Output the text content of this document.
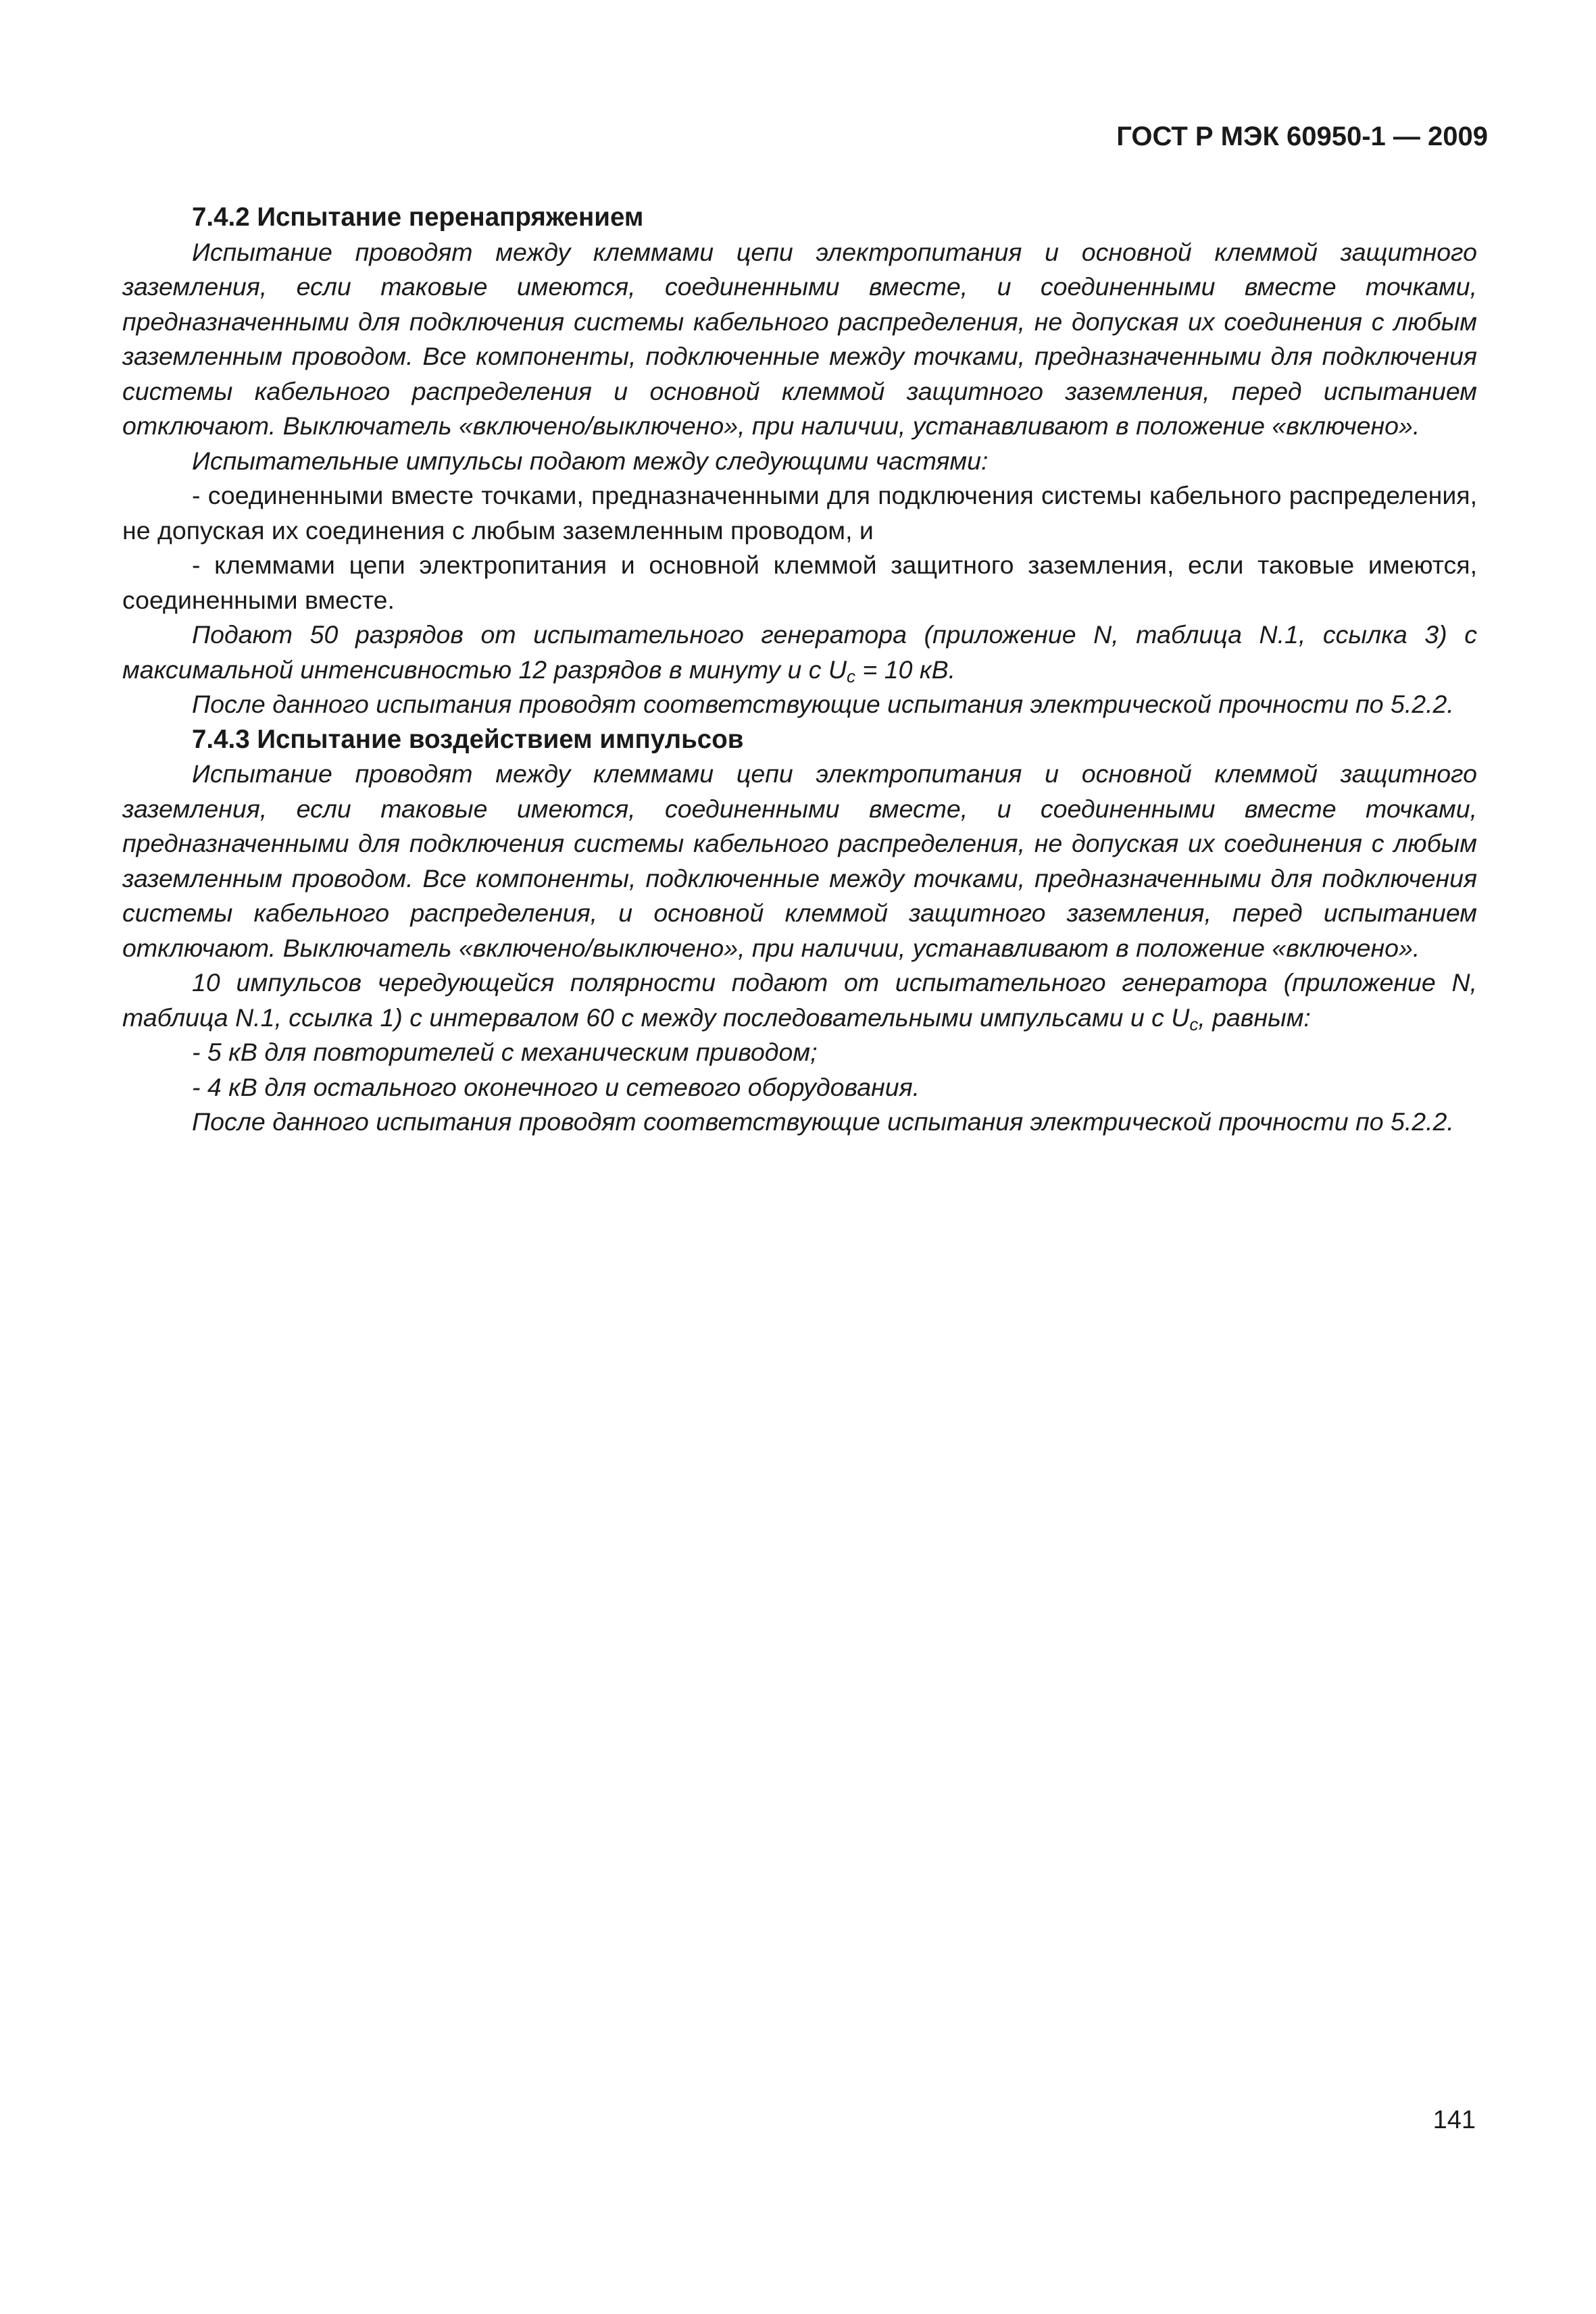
ГОСТ Р МЭК 60950-1 — 2009

7.4.2 Испытание перенапряжением

Испытание проводят между клеммами цепи электропитания и основной клеммой защитного заземления, если таковые имеются, соединенными вместе, и соединенными вместе точками, предназначенными для подключения системы кабельного распределения, не допуская их соединения с любым заземленным проводом. Все компоненты, подключенные между точками, предназначенными для подключения системы кабельного распределения и основной клеммой защитного заземления, перед испытанием отключают. Выключатель «включено/выключено», при наличии, устанавливают в положение «включено».

Испытательные импульсы подают между следующими частями:

- соединенными вместе точками, предназначенными для подключения системы кабельного распределения, не допуская их соединения с любым заземленным проводом, и

- клеммами цепи электропитания и основной клеммой защитного заземления, если таковые имеются, соединенными вместе.

Подают 50 разрядов от испытательного генератора (приложение N, таблица N.1, ссылка 3) с максимальной интенсивностью 12 разрядов в минуту и с $U_c = 10$ кВ.

После данного испытания проводят соответствующие испытания электрической прочности по 5.2.2.

7.4.3 Испытание воздействием импульсов

Испытание проводят между клеммами цепи электропитания и основной клеммой защитного заземления, если таковые имеются, соединенными вместе, и соединенными вместе точками, предназначенными для подключения системы кабельного распределения, не допуская их соединения с любым заземленным проводом. Все компоненты, подключенные между точками, предназначенными для подключения системы кабельного распределения, и основной клеммой защитного заземления, перед испытанием отключают. Выключатель «включено/выключено», при наличии, устанавливают в положение «включено».

10 импульсов чередующейся полярности подают от испытательного генератора (приложение N, таблица N.1, ссылка 1) с интервалом 60 с между последовательными импульсами и с $U_c$, равным:

- 5 кВ для повторителей с механическим приводом;

- 4 кВ для остального оконечного и сетевого оборудования.

После данного испытания проводят соответствующие испытания электрической прочности по 5.2.2.

141
